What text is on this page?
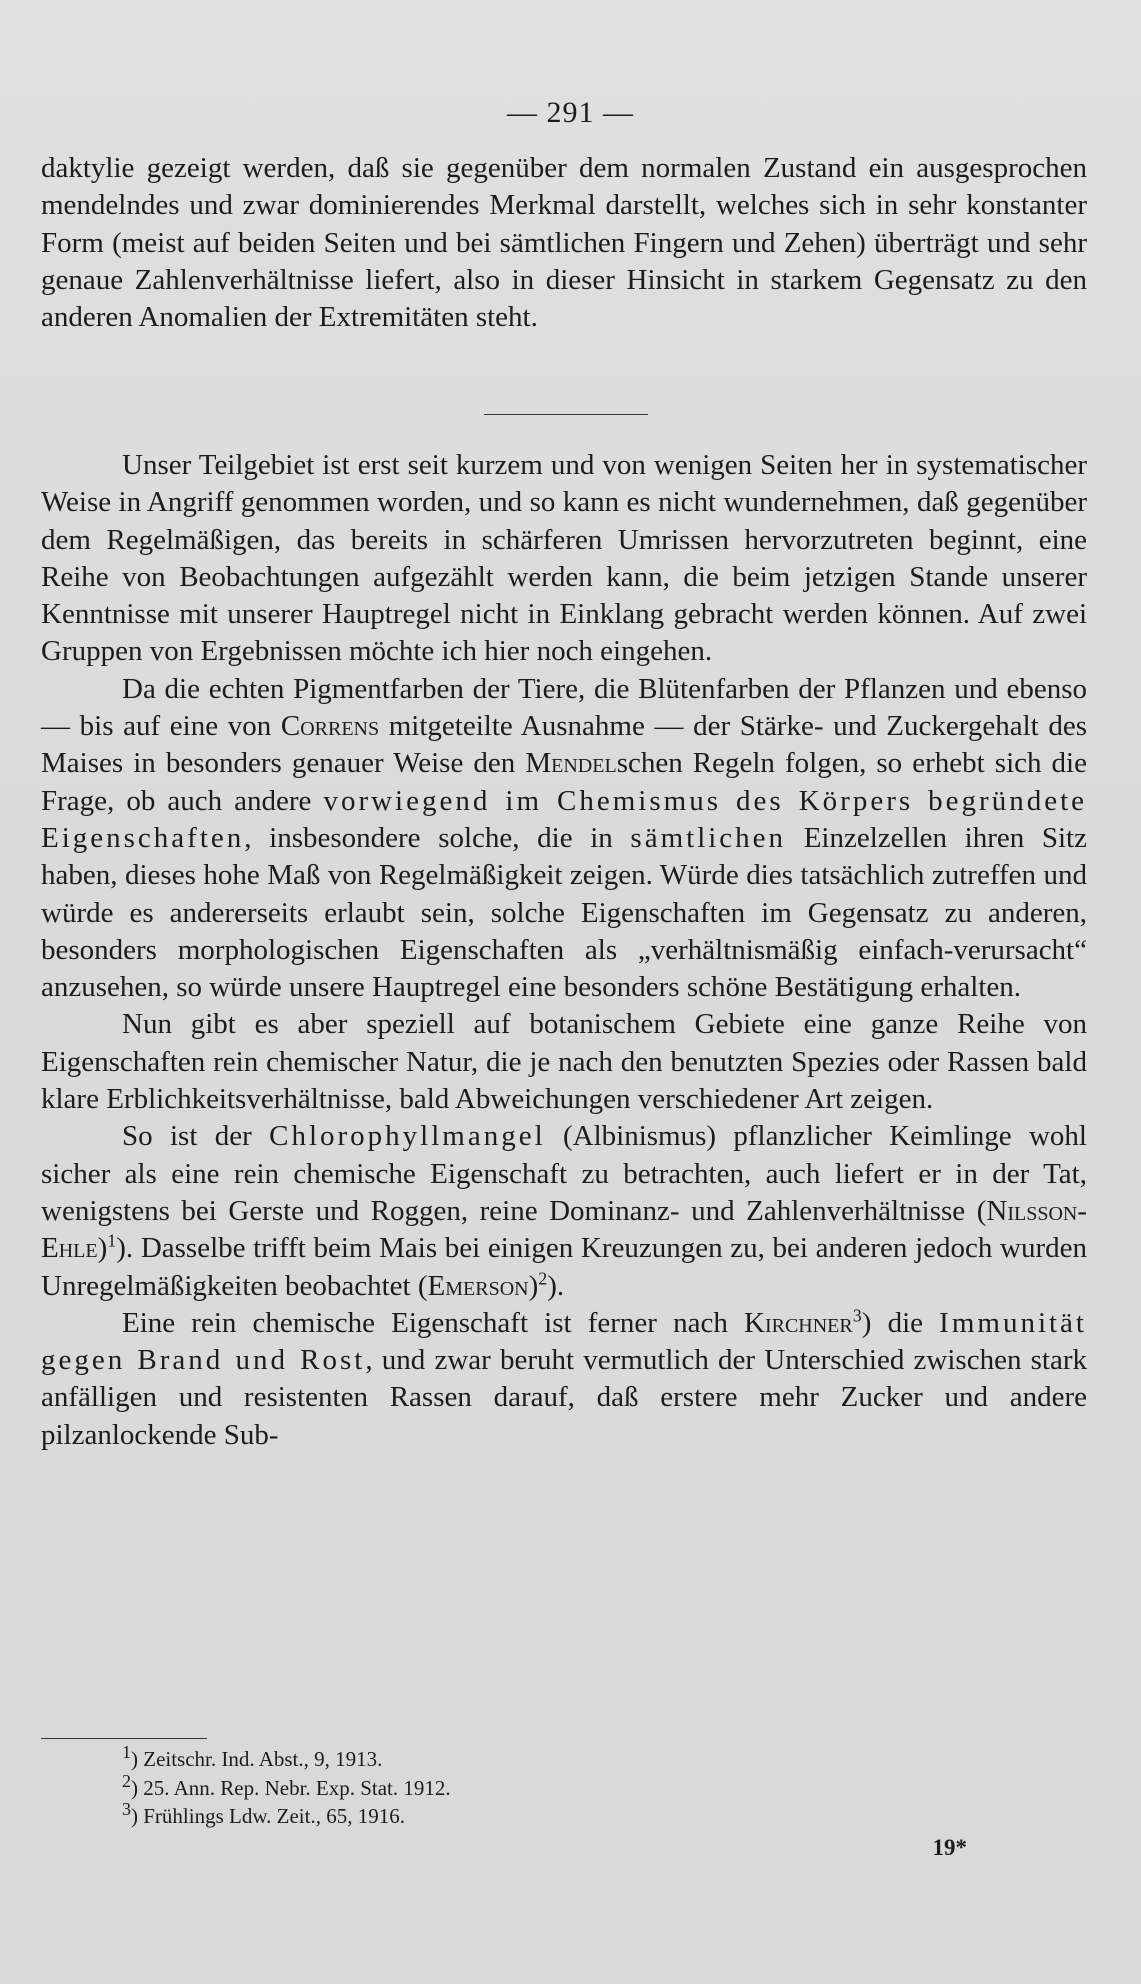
— 291 —

daktylie gezeigt werden, daß sie gegenüber dem normalen Zustand ein ausgesprochen mendelndes und zwar dominierendes Merkmal darstellt, welches sich in sehr konstanter Form (meist auf beiden Seiten und bei sämtlichen Fingern und Zehen) überträgt und sehr genaue Zahlenverhältnisse liefert, also in dieser Hinsicht in starkem Gegensatz zu den anderen Anomalien der Extremitäten steht.

Unser Teilgebiet ist erst seit kurzem und von wenigen Seiten her in systematischer Weise in Angriff genommen worden, und so kann es nicht wundernehmen, daß gegenüber dem Regelmäßigen, das bereits in schärferen Umrissen hervorzutreten beginnt, eine Reihe von Beobachtungen aufgezählt werden kann, die beim jetzigen Stande unserer Kenntnisse mit unserer Hauptregel nicht in Einklang gebracht werden können. Auf zwei Gruppen von Ergebnissen möchte ich hier noch eingehen.

Da die echten Pigmentfarben der Tiere, die Blütenfarben der Pflanzen und ebenso — bis auf eine von Correns mitgeteilte Ausnahme — der Stärke- und Zuckergehalt des Maises in besonders genauer Weise den Mendelschen Regeln folgen, so erhebt sich die Frage, ob auch andere vorwiegend im Chemismus des Körpers begründete Eigenschaften, insbesondere solche, die in sämtlichen Einzelzellen ihren Sitz haben, dieses hohe Maß von Regelmäßigkeit zeigen. Würde dies tatsächlich zutreffen und würde es andererseits erlaubt sein, solche Eigenschaften im Gegensatz zu anderen, besonders morphologischen Eigenschaften als „verhältnismäßig einfach-verursacht“ anzusehen, so würde unsere Hauptregel eine besonders schöne Bestätigung erhalten.

Nun gibt es aber speziell auf botanischem Gebiete eine ganze Reihe von Eigenschaften rein chemischer Natur, die je nach den benutzten Spezies oder Rassen bald klare Erblichkeitsverhältnisse, bald Abweichungen verschiedener Art zeigen.

So ist der Chlorophyllmangel (Albinismus) pflanzlicher Keimlinge wohl sicher als eine rein chemische Eigenschaft zu betrachten, auch liefert er in der Tat, wenigstens bei Gerste und Roggen, reine Dominanz- und Zahlenverhältnisse (Nilsson-Ehle)$^1$). Dasselbe trifft beim Mais bei einigen Kreuzungen zu, bei anderen jedoch wurden Unregelmäßigkeiten beobachtet (Emerson)$^2$).

Eine rein chemische Eigenschaft ist ferner nach Kirchner$^3$) die Immunität gegen Brand und Rost, und zwar beruht vermutlich der Unterschied zwischen stark anfälligen und resistenten Rassen darauf, daß erstere mehr Zucker und andere pilzanlockende Sub-

$^1$) Zeitschr. Ind. Abst., 9, 1913.
$^2$) 25. Ann. Rep. Nebr. Exp. Stat. 1912.
$^3$) Frühlings Ldw. Zeit., 65, 1916.
19*
